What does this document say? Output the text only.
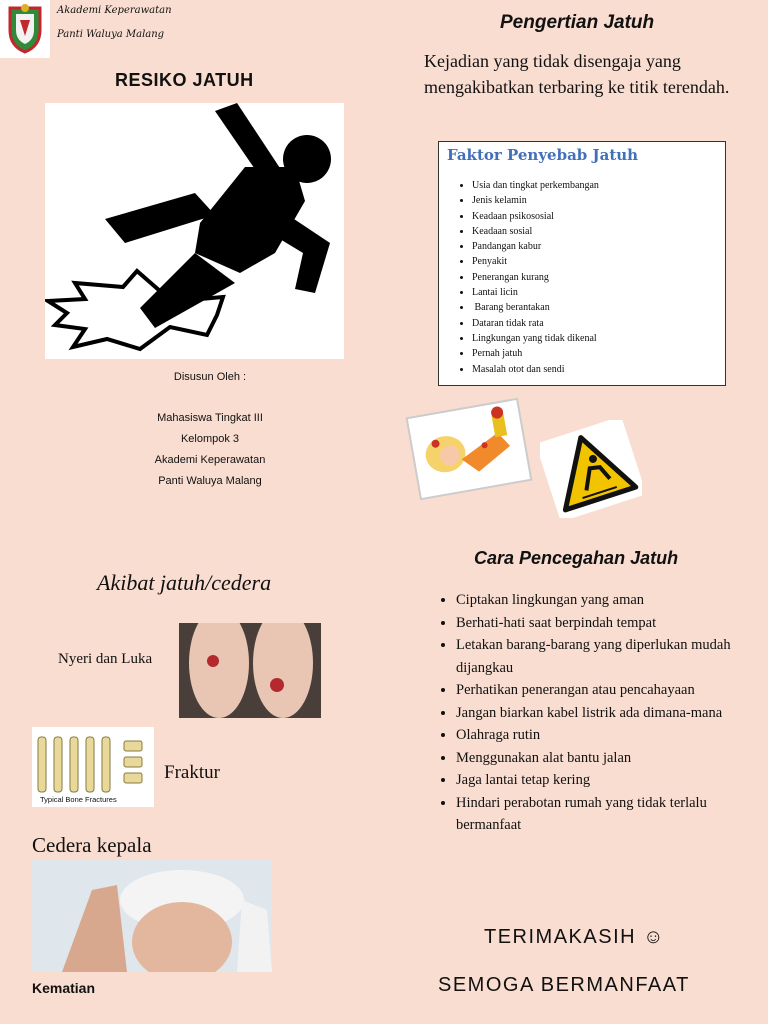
Akademi Keperawatan
Panti Waluya Malang
RESIKO JATUH
Disusun Oleh :
Mahasiswa Tingkat III
Kelompok 3
Akademi Keperawatan
Panti Waluya Malang
Akibat jatuh/cedera
Nyeri dan Luka
Typical Bone Fractures
Fraktur
Cedera kepala
Kematian
Pengertian Jatuh
Kejadian yang tidak disengaja yang mengakibatkan terbaring ke titik terendah.
Faktor Penyebab Jatuh
• Usia dan tingkat perkembangan
• Jenis kelamin
• Keadaan psikososial
• Keadaan sosial
• Pandangan kabur
• Penyakit
• Penerangan kurang
• Lantai licin
•  Barang berantakan
• Dataran tidak rata
• Lingkungan yang tidak dikenal
• Pernah jatuh
• Masalah otot dan sendi
Cara Pencegahan Jatuh
• Ciptakan lingkungan yang aman
• Berhati-hati saat berpindah tempat
• Letakan barang-barang yang diperlukan mudah dijangkau
• Perhatikan penerangan atau pencahayaan
• Jangan biarkan kabel listrik ada dimana-mana
• Olahraga rutin
• Menggunakan alat bantu jalan
• Jaga lantai tetap kering
• Hindari perabotan rumah yang tidak terlalu bermanfaat
TERIMAKASIH ☺
SEMOGA BERMANFAAT
